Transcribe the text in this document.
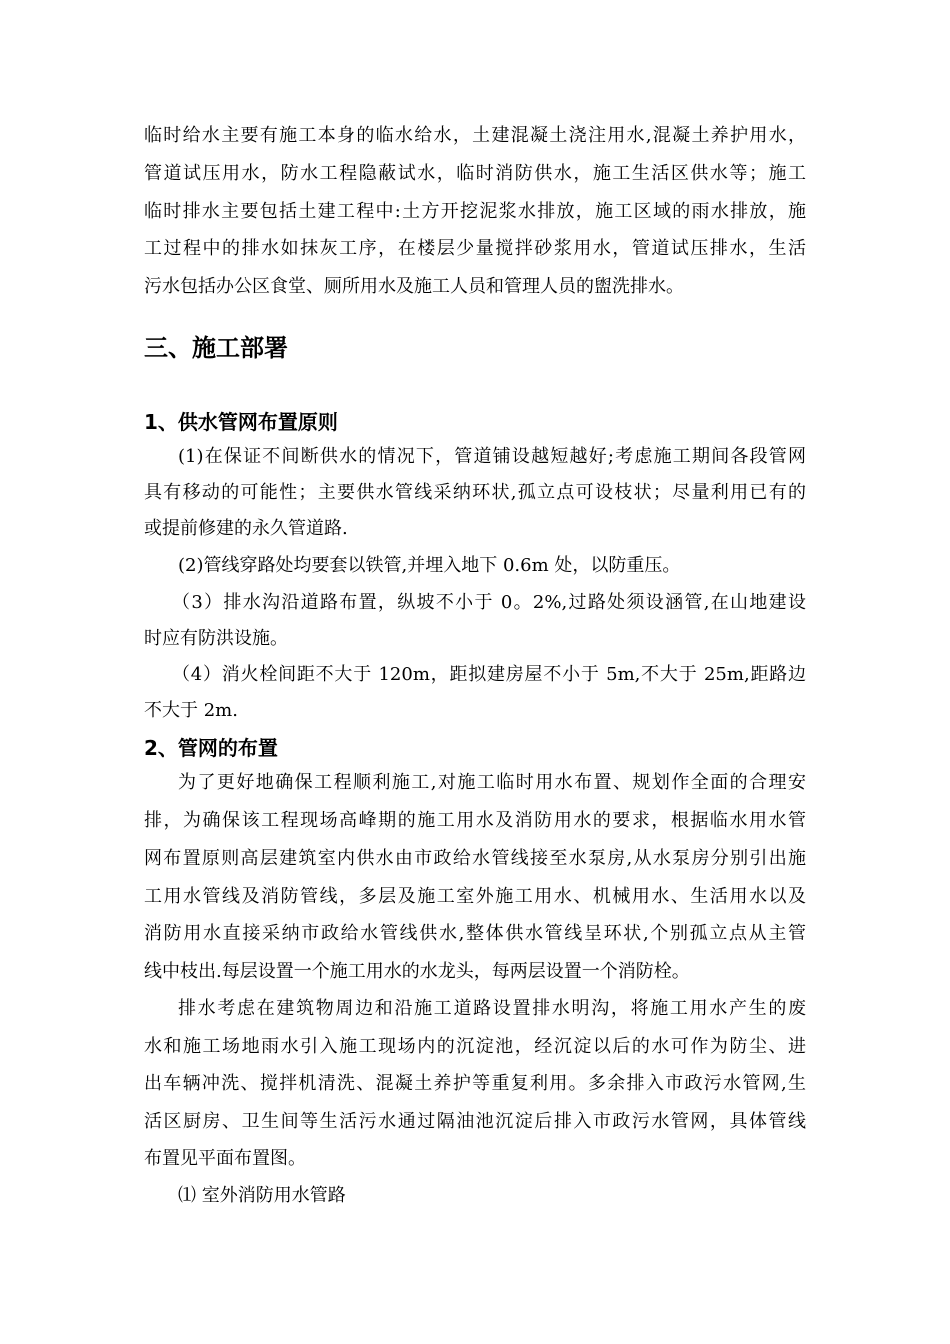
临时给水主要有施工本身的临水给水，土建混凝土浇注用水,混凝土养护用水，
管道试压用水，防水工程隐蔽试水，临时消防供水，施工生活区供水等；施工
临时排水主要包括土建工程中:土方开挖泥浆水排放，施工区域的雨水排放，施
工过程中的排水如抹灰工序，在楼层少量搅拌砂浆用水，管道试压排水，生活
污水包括办公区食堂、厕所用水及施工人员和管理人员的盥洗排水。
三、施工部署
1、供水管网布置原则
(1)在保证不间断供水的情况下，管道铺设越短越好;考虑施工期间各段管网
具有移动的可能性；主要供水管线采纳环状,孤立点可设枝状；尽量利用已有的
或提前修建的永久管道路.
(2)管线穿路处均要套以铁管,并埋入地下 0.6m 处，以防重压。
（3）排水沟沿道路布置，纵坡不小于 0。2%,过路处须设涵管,在山地建设
时应有防洪设施。
（4）消火栓间距不大于 120m，距拟建房屋不小于 5m,不大于 25m,距路边
不大于 2m.
2、管网的布置
为了更好地确保工程顺利施工,对施工临时用水布置、规划作全面的合理安
排，为确保该工程现场高峰期的施工用水及消防用水的要求，根据临水用水管
网布置原则高层建筑室内供水由市政给水管线接至水泵房,从水泵房分别引出施
工用水管线及消防管线，多层及施工室外施工用水、机械用水、生活用水以及
消防用水直接采纳市政给水管线供水,整体供水管线呈环状,个别孤立点从主管
线中枝出.每层设置一个施工用水的水龙头，每两层设置一个消防栓。
排水考虑在建筑物周边和沿施工道路设置排水明沟，将施工用水产生的废
水和施工场地雨水引入施工现场内的沉淀池，经沉淀以后的水可作为防尘、进
出车辆冲洗、搅拌机清洗、混凝土养护等重复利用。多余排入市政污水管网,生
活区厨房、卫生间等生活污水通过隔油池沉淀后排入市政污水管网，具体管线
布置见平面布置图。
⑴ 室外消防用水管路
